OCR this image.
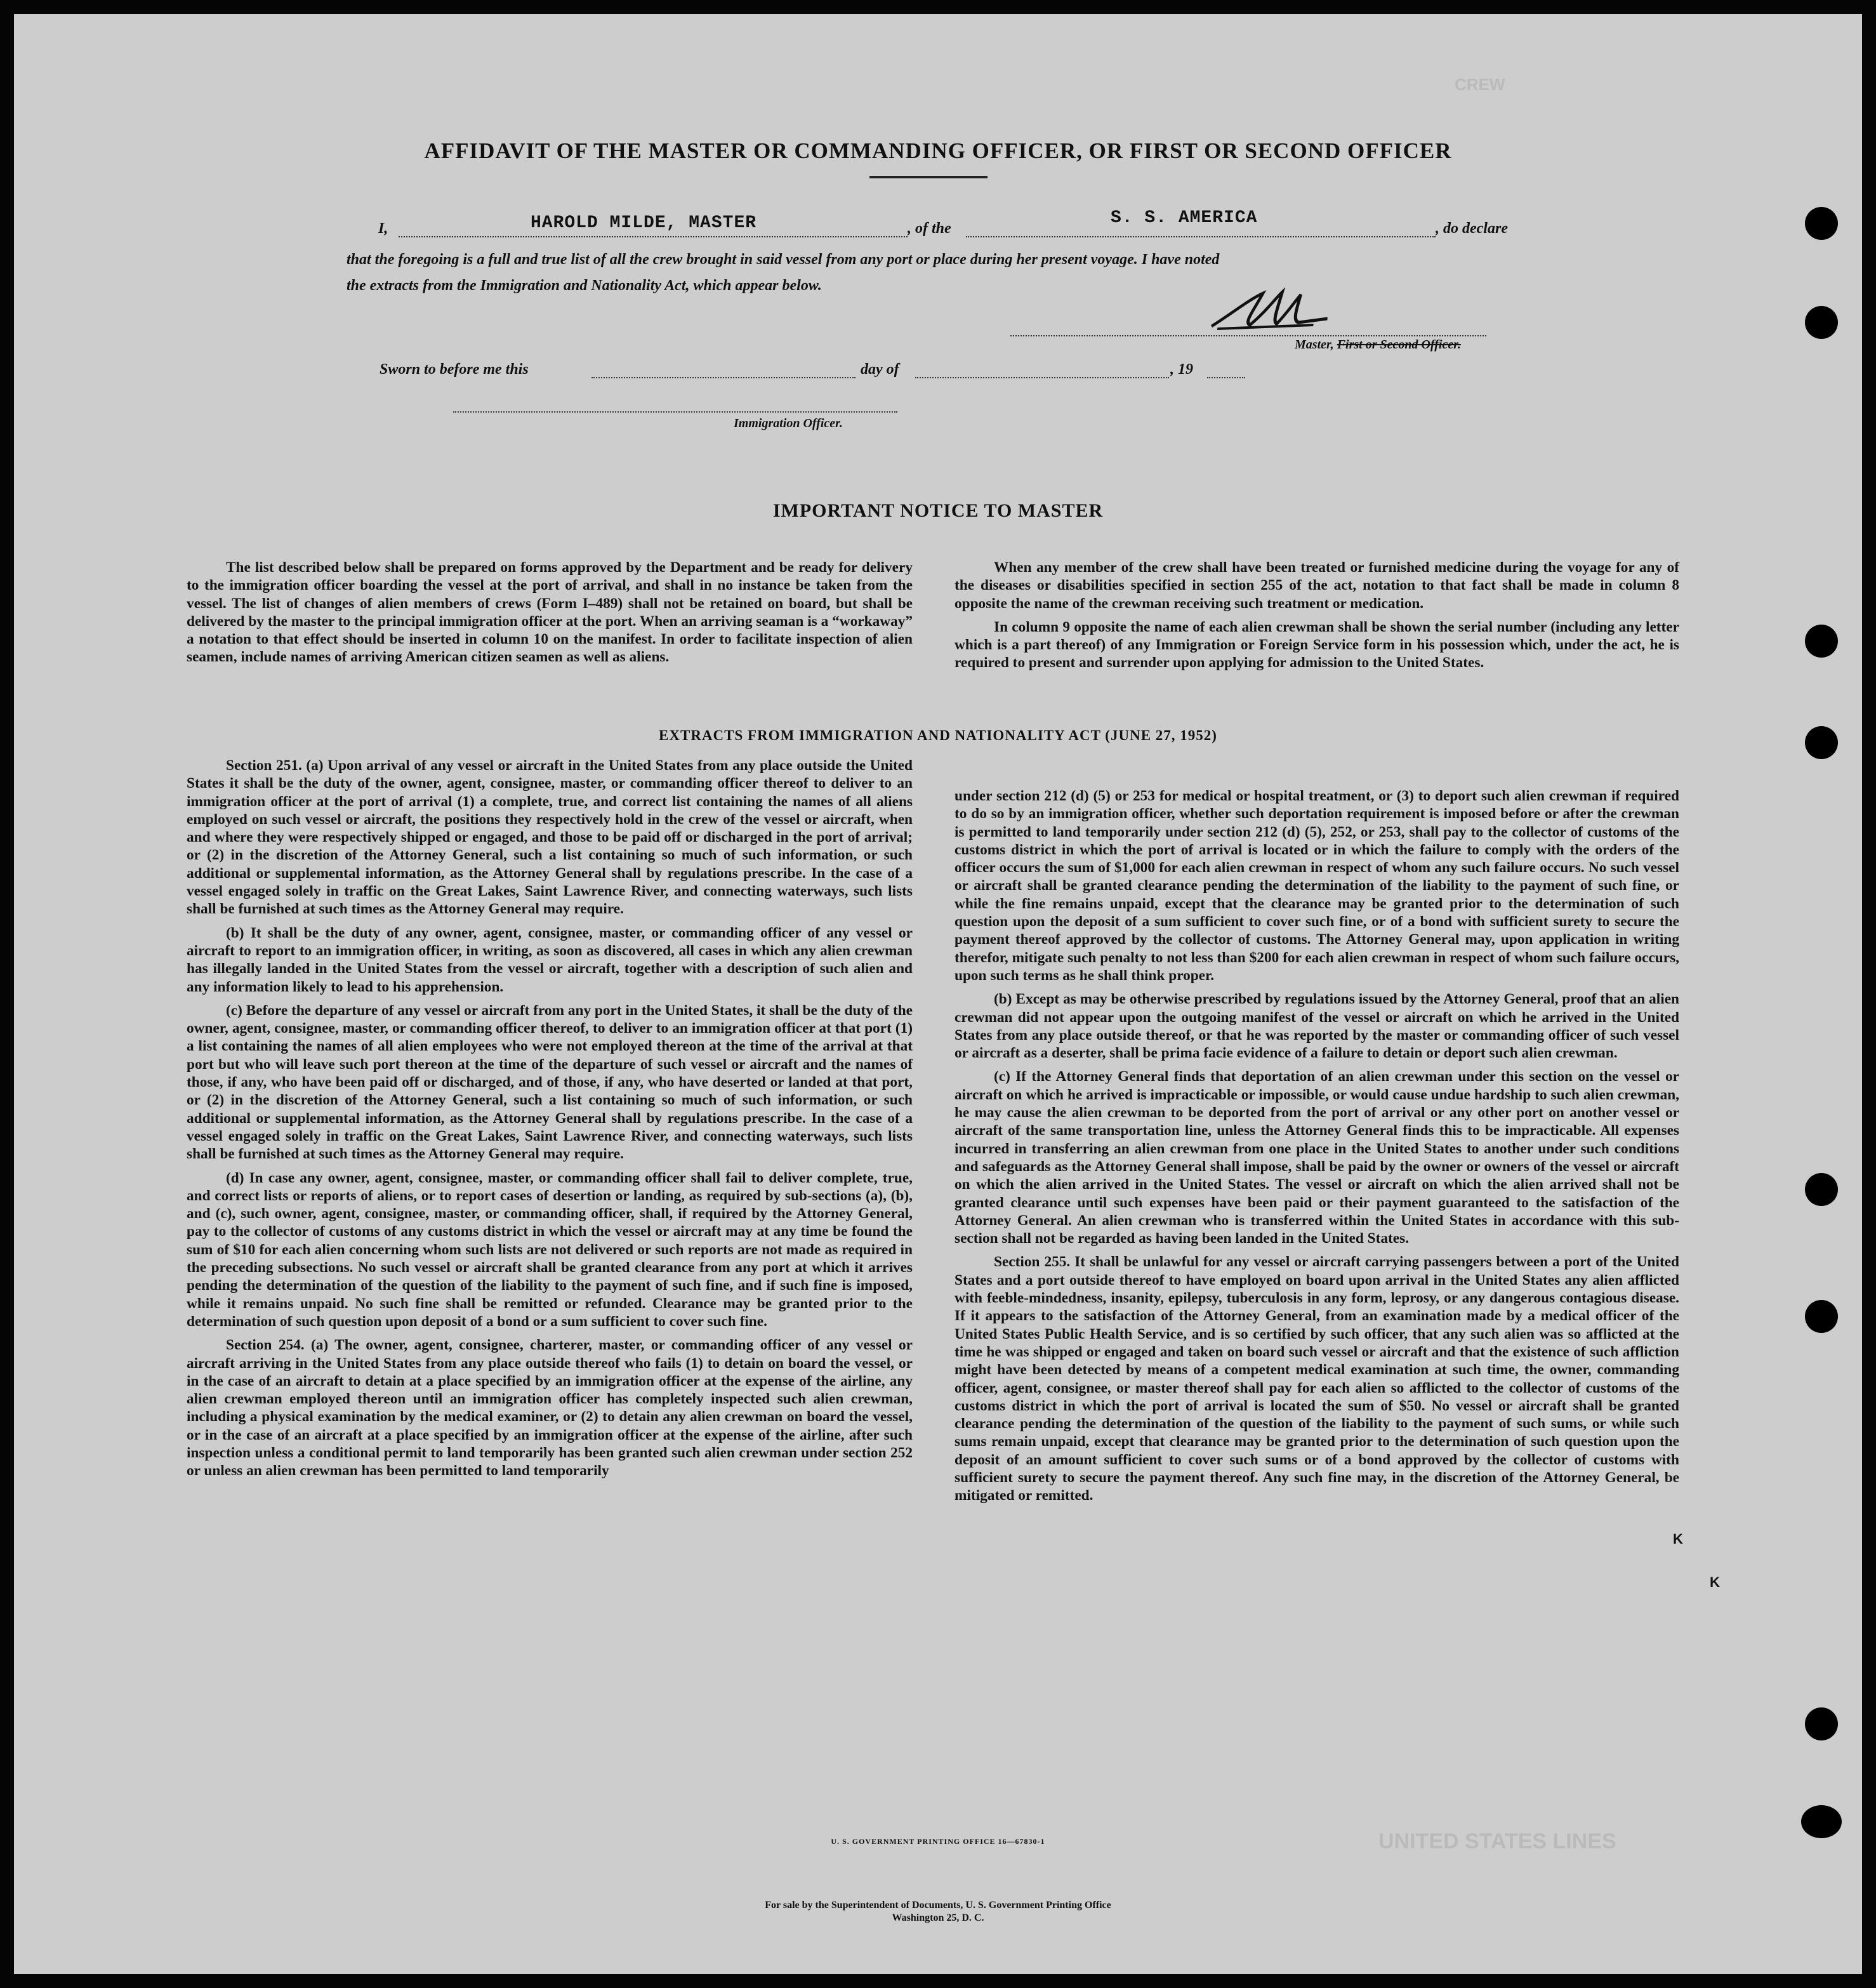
CREW
UNITED STATES LINES
AFFIDAVIT OF THE MASTER OR COMMANDING OFFICER, OR FIRST OR SECOND OFFICER
I,	HAROLD MILDE, MASTER	, of the
S. S. AMERICA
, do declare
that the foregoing is a full and true list of all the crew brought in said vessel from any port or place during her present voyage. I have noted
the extracts from the Immigration and Nationality Act, which appear below.
Master, First or Second Officer.
Sworn to before me this	day of	, 19
Immigration Officer.
IMPORTANT NOTICE TO MASTER

The list described below shall be prepared on forms approved by the Department and be ready for delivery to the immigration officer boarding the vessel at the port of arrival, and shall in no instance be taken from the vessel. The list of changes of alien members of crews (Form I–489) shall not be retained on board, but shall be delivered by the master to the principal immigration officer at the port. When an arriving seaman is a “workaway” a notation to that effect should be inserted in column 10 on the manifest. In order to facilitate inspection of alien seamen, include names of arriving American citizen seamen as well as aliens.

When any member of the crew shall have been treated or furnished medicine during the voyage for any of the diseases or disabilities specified in section 255 of the act, notation to that fact shall be made in column 8 opposite the name of the crewman receiving such treatment or medication.

In column 9 opposite the name of each alien crewman shall be shown the serial number (including any letter which is a part thereof) of any Immigration or Foreign Service form in his possession which, under the act, he is required to present and surrender upon applying for admission to the United States.

EXTRACTS FROM IMMIGRATION AND NATIONALITY ACT (JUNE 27, 1952)

Section 251. (a) Upon arrival of any vessel or aircraft in the United States from any place outside the United States it shall be the duty of the owner, agent, consignee, master, or commanding officer thereof to deliver to an immigration officer at the port of arrival (1) a complete, true, and correct list containing the names of all aliens employed on such vessel or aircraft, the positions they respectively hold in the crew of the vessel or aircraft, when and where they were respectively shipped or engaged, and those to be paid off or discharged in the port of arrival; or (2) in the discretion of the Attorney General, such a list containing so much of such information, or such additional or supplemental information, as the Attorney General shall by regulations prescribe. In the case of a vessel engaged solely in traffic on the Great Lakes, Saint Lawrence River, and connecting waterways, such lists shall be furnished at such times as the Attorney General may require.

(b) It shall be the duty of any owner, agent, consignee, master, or commanding officer of any vessel or aircraft to report to an immigration officer, in writing, as soon as discovered, all cases in which any alien crewman has illegally landed in the United States from the vessel or aircraft, together with a description of such alien and any information likely to lead to his apprehension.

(c) Before the departure of any vessel or aircraft from any port in the United States, it shall be the duty of the owner, agent, consignee, master, or commanding officer thereof, to deliver to an immigration officer at that port (1) a list containing the names of all alien employees who were not employed thereon at the time of the arrival at that port but who will leave such port thereon at the time of the departure of such vessel or aircraft and the names of those, if any, who have been paid off or discharged, and of those, if any, who have deserted or landed at that port, or (2) in the discretion of the Attorney General, such a list containing so much of such information, or such additional or supplemental information, as the Attorney General shall by regulations prescribe. In the case of a vessel engaged solely in traffic on the Great Lakes, Saint Lawrence River, and connecting waterways, such lists shall be furnished at such times as the Attorney General may require.

(d) In case any owner, agent, consignee, master, or commanding officer shall fail to deliver complete, true, and correct lists or reports of aliens, or to report cases of desertion or landing, as required by sub-sections (a), (b), and (c), such owner, agent, consignee, master, or commanding officer, shall, if required by the Attorney General, pay to the collector of customs of any customs district in which the vessel or aircraft may at any time be found the sum of $10 for each alien concerning whom such lists are not delivered or such reports are not made as required in the preceding subsections. No such vessel or aircraft shall be granted clearance from any port at which it arrives pending the determination of the question of the liability to the payment of such fine, and if such fine is imposed, while it remains unpaid. No such fine shall be remitted or refunded. Clearance may be granted prior to the determination of such question upon deposit of a bond or a sum sufficient to cover such fine.

Section 254. (a) The owner, agent, consignee, charterer, master, or commanding officer of any vessel or aircraft arriving in the United States from any place outside thereof who fails (1) to detain on board the vessel, or in the case of an aircraft to detain at a place specified by an immigration officer at the expense of the airline, any alien crewman employed thereon until an immigration officer has completely inspected such alien crewman, including a physical examination by the medical examiner, or (2) to detain any alien crewman on board the vessel, or in the case of an aircraft at a place specified by an immigration officer at the expense of the airline, after such inspection unless a conditional permit to land temporarily has been granted such alien crewman under section 252 or unless an alien crewman has been permitted to land temporarily

under section 212 (d) (5) or 253 for medical or hospital treatment, or (3) to deport such alien crewman if required to do so by an immigration officer, whether such deportation requirement is imposed before or after the crewman is permitted to land temporarily under section 212 (d) (5), 252, or 253, shall pay to the collector of customs of the customs district in which the port of arrival is located or in which the failure to comply with the orders of the officer occurs the sum of $1,000 for each alien crewman in respect of whom any such failure occurs. No such vessel or aircraft shall be granted clearance pending the determination of the liability to the payment of such fine, or while the fine remains unpaid, except that the clearance may be granted prior to the determination of such question upon the deposit of a sum sufficient to cover such fine, or of a bond with sufficient surety to secure the payment thereof approved by the collector of customs. The Attorney General may, upon application in writing therefor, mitigate such penalty to not less than $200 for each alien crewman in respect of whom such failure occurs, upon such terms as he shall think proper.

(b) Except as may be otherwise prescribed by regulations issued by the Attorney General, proof that an alien crewman did not appear upon the outgoing manifest of the vessel or aircraft on which he arrived in the United States from any place outside thereof, or that he was reported by the master or commanding officer of such vessel or aircraft as a deserter, shall be prima facie evidence of a failure to detain or deport such alien crewman.

(c) If the Attorney General finds that deportation of an alien crewman under this section on the vessel or aircraft on which he arrived is impracticable or impossible, or would cause undue hardship to such alien crewman, he may cause the alien crewman to be deported from the port of arrival or any other port on another vessel or aircraft of the same transportation line, unless the Attorney General finds this to be impracticable. All expenses incurred in transferring an alien crewman from one place in the United States to another under such conditions and safeguards as the Attorney General shall impose, shall be paid by the owner or owners of the vessel or aircraft on which the alien arrived in the United States. The vessel or aircraft on which the alien arrived shall not be granted clearance until such expenses have been paid or their payment guaranteed to the satisfaction of the Attorney General. An alien crewman who is transferred within the United States in accordance with this sub-section shall not be regarded as having been landed in the United States.

Section 255. It shall be unlawful for any vessel or aircraft carrying passengers between a port of the United States and a port outside thereof to have employed on board upon arrival in the United States any alien afflicted with feeble-mindedness, insanity, epilepsy, tuberculosis in any form, leprosy, or any dangerous contagious disease. If it appears to the satisfaction of the Attorney General, from an examination made by a medical officer of the United States Public Health Service, and is so certified by such officer, that any such alien was so afflicted at the time he was shipped or engaged and taken on board such vessel or aircraft and that the existence of such affliction might have been detected by means of a competent medical examination at such time, the owner, commanding officer, agent, consignee, or master thereof shall pay for each alien so afflicted to the collector of customs of the customs district in which the port of arrival is located the sum of $50. No vessel or aircraft shall be granted clearance pending the determination of the question of the liability to the payment of such sums, or while such sums remain unpaid, except that clearance may be granted prior to the determination of such question upon the deposit of an amount sufficient to cover such sums or of a bond approved by the collector of customs with sufficient surety to secure the payment thereof. Any such fine may, in the discretion of the Attorney General, be mitigated or remitted.

K
K
U. S. GOVERNMENT PRINTING OFFICE 16—67830-1
For sale by the Superintendent of Documents, U. S. Government Printing Office
Washington 25, D. C.
